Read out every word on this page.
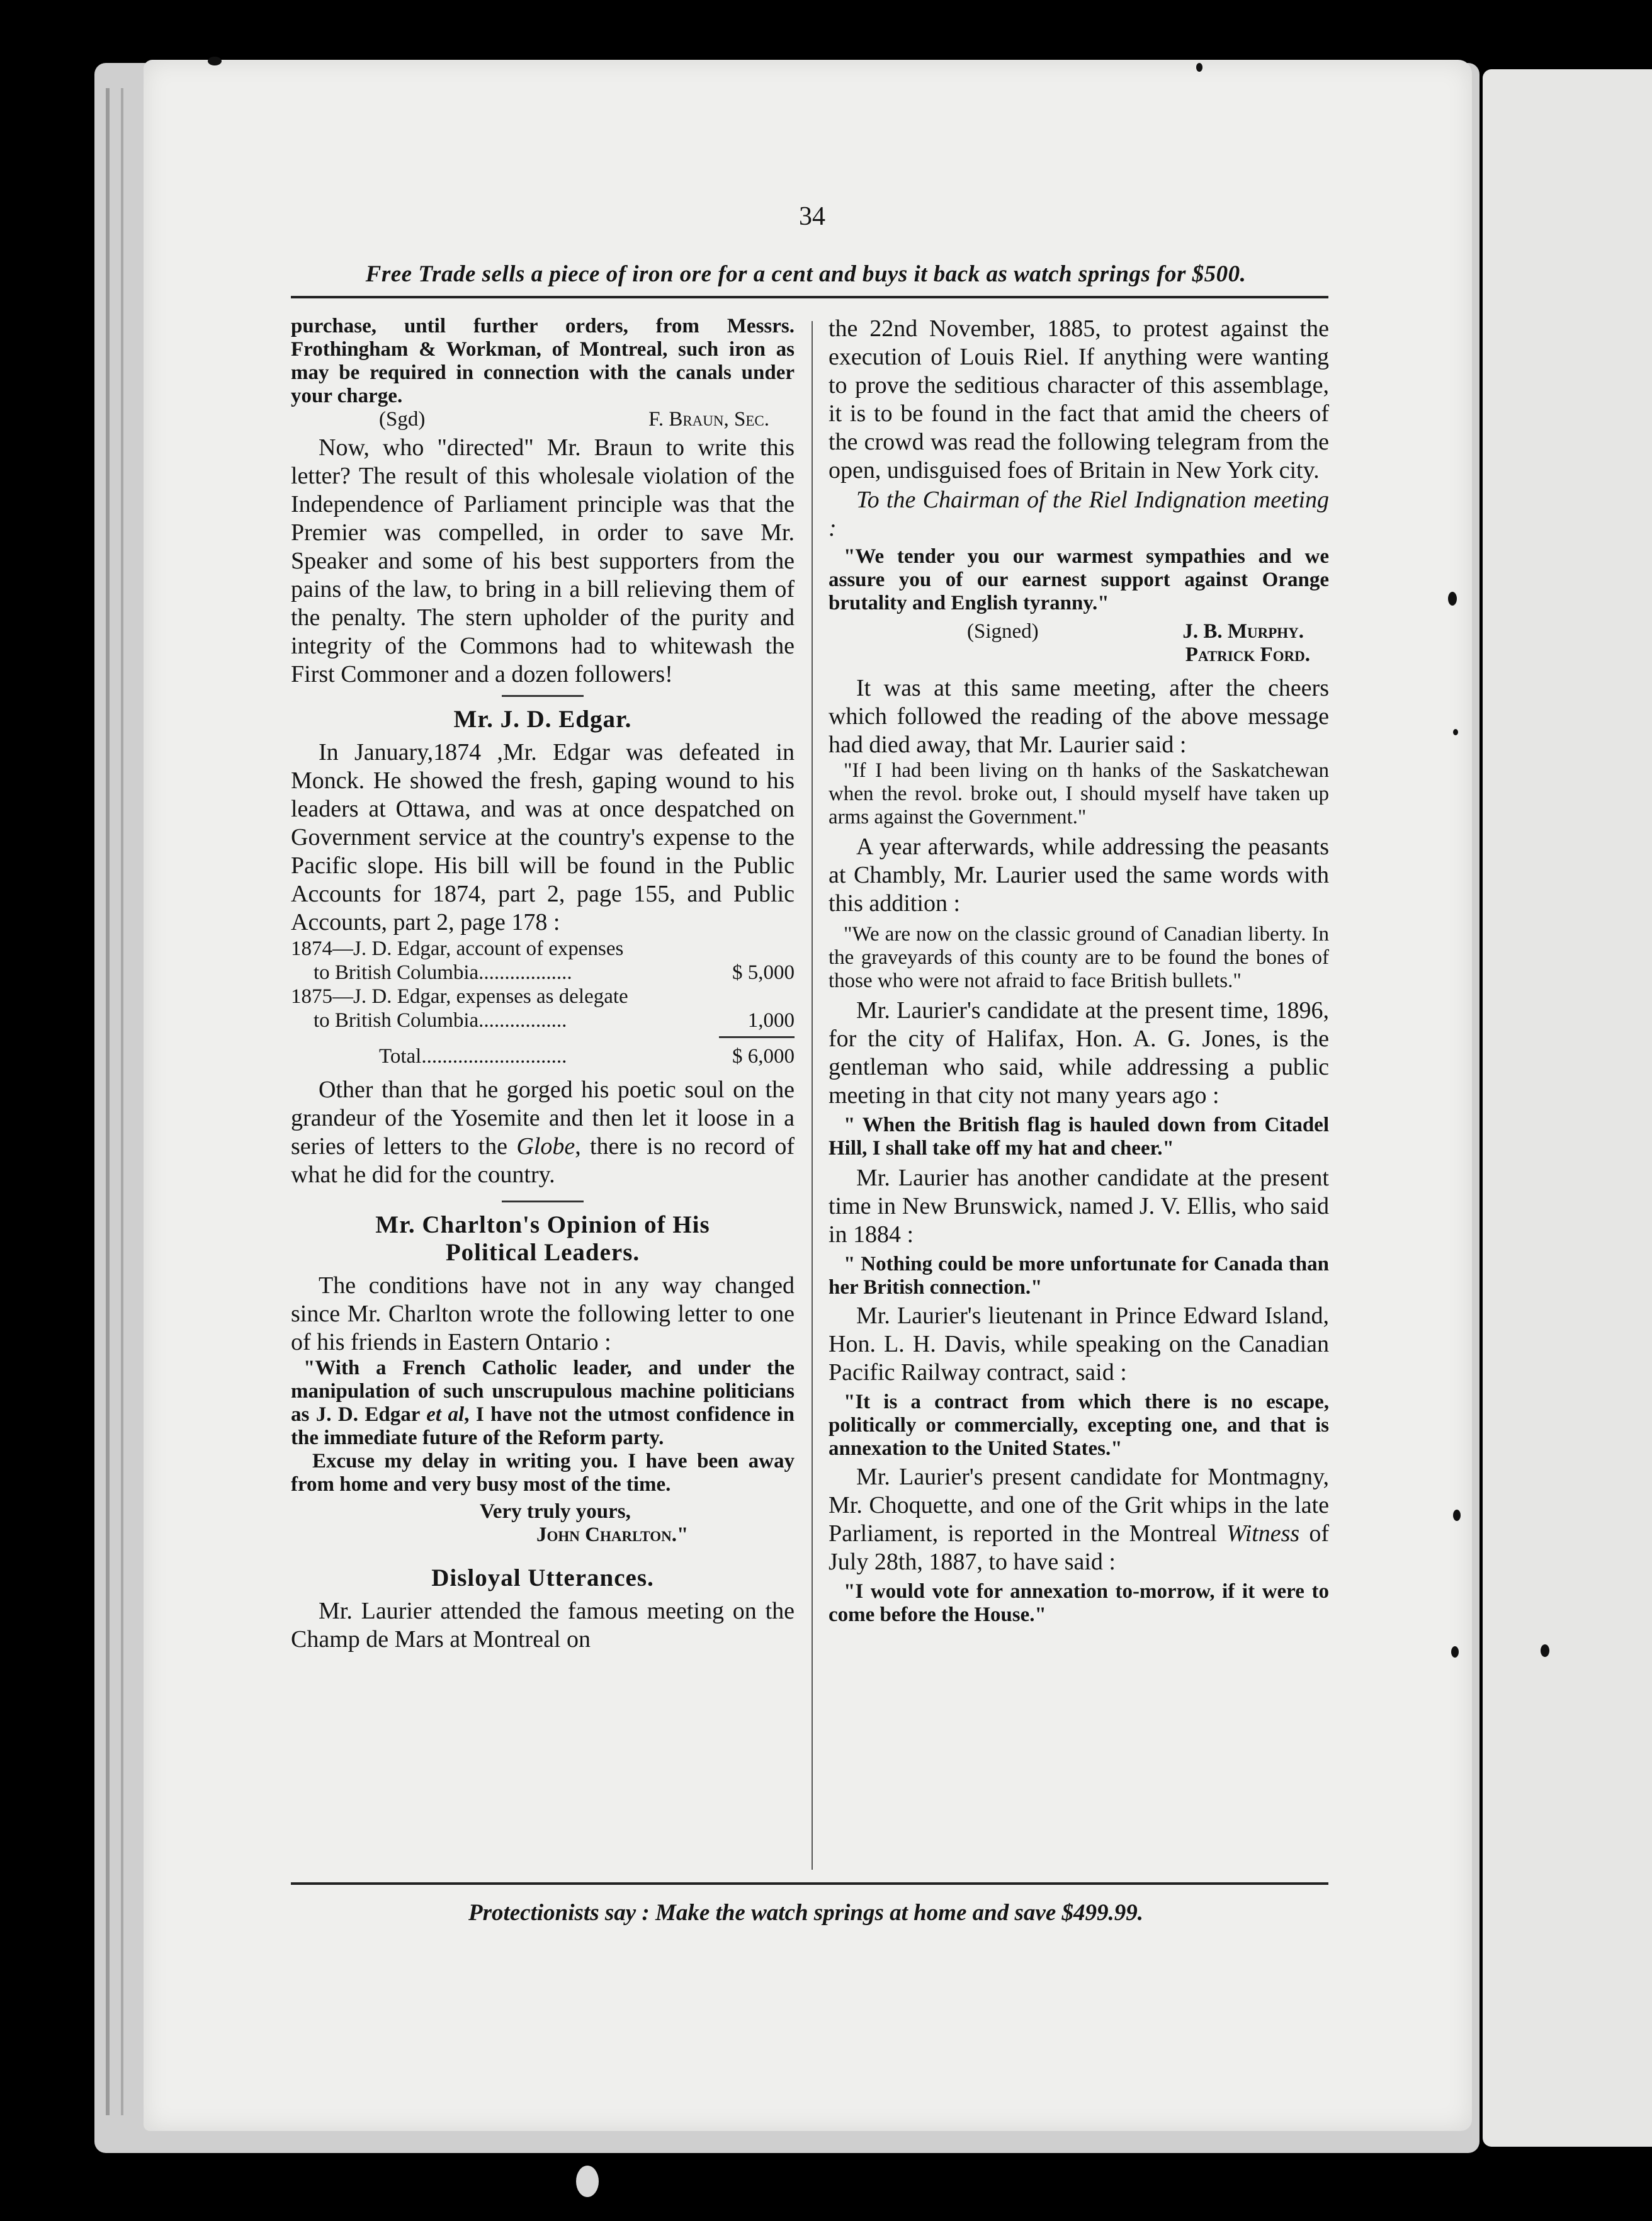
34
Free Trade sells a piece of iron ore for a cent and buys it back as watch springs for $500.

purchase, until further orders, from Messrs. Frothingham & Workman, of Montreal, such iron as may be required in connection with the canals under your charge.

(Sgd)	F. Braun, Sec.

Now, who "directed" Mr. Braun to write this letter? The result of this wholesale violation of the Independence of Parliament principle was that the Premier was compelled, in order to save Mr. Speaker and some of his best supporters from the pains of the law, to bring in a bill relieving them of the penalty. The stern upholder of the purity and integrity of the Commons had to whitewash the First Commoner and a dozen followers!

Mr. J. D. Edgar.

In January,1874 ,Mr. Edgar was defeated in Monck. He showed the fresh, gaping wound to his leaders at Ottawa, and was at once despatched on Government service at the country's expense to the Pacific slope. His bill will be found in the Public Accounts for 1874, part 2, page 155, and Public Accounts, part 2, page 178 :

1874—J. D. Edgar, account of expenses
to British Columbia..................	$ 5,000
1875—J. D. Edgar, expenses as delegate
to British Columbia.................	1,000
Total............................	$ 6,000

Other than that he gorged his poetic soul on the grandeur of the Yosemite and then let it loose in a series of letters to the Globe, there is no record of what he did for the country.

Mr. Charlton's Opinion of His
Political Leaders.

The conditions have not in any way changed since Mr. Charlton wrote the following letter to one of his friends in Eastern Ontario :

"With a French Catholic leader, and under the manipulation of such unscrupulous machine politicians as J. D. Edgar et al, I have not the utmost confidence in the immediate future of the Reform party.

Excuse my delay in writing you. I have been away from home and very busy most of the time.

Very truly yours,
John Charlton."
Disloyal Utterances.

Mr. Laurier attended the famous meeting on the Champ de Mars at Montreal on

the 22nd November, 1885, to protest against the execution of Louis Riel. If anything were wanting to prove the seditious character of this assemblage, it is to be found in the fact that amid the cheers of the crowd was read the following telegram from the open, undisguised foes of Britain in New York city.

To the Chairman of the Riel Indignation meeting :

"We tender you our warmest sympathies and we assure you of our earnest support against Orange brutality and English tyranny."

(Signed)	J. B. Murphy.
Patrick Ford.

It was at this same meeting, after the cheers which followed the reading of the above message had died away, that Mr. Laurier said :

"If I had been living on th hanks of the Saskatchewan when the revol. broke out, I should myself have taken up arms against the Government."

A year afterwards, while addressing the peasants at Chambly, Mr. Laurier used the same words with this addition :

"We are now on the classic ground of Canadian liberty. In the graveyards of this county are to be found the bones of those who were not afraid to face British bullets."

Mr. Laurier's candidate at the present time, 1896, for the city of Halifax, Hon. A. G. Jones, is the gentleman who said, while addressing a public meeting in that city not many years ago :

" When the British flag is hauled down from Citadel Hill, I shall take off my hat and cheer."

Mr. Laurier has another candidate at the present time in New Brunswick, named J. V. Ellis, who said in 1884 :

" Nothing could be more unfortunate for Canada than her British connection."

Mr. Laurier's lieutenant in Prince Edward Island, Hon. L. H. Davis, while speaking on the Canadian Pacific Railway contract, said :

"It is a contract from which there is no escape, politically or commercially, excepting one, and that is annexation to the United States."

Mr. Laurier's present candidate for Montmagny, Mr. Choquette, and one of the Grit whips in the late Parliament, is reported in the Montreal Witness of July 28th, 1887, to have said :

"I would vote for annexation to-morrow, if it were to come before the House."

Protectionists say : Make the watch springs at home and save $499.99.
